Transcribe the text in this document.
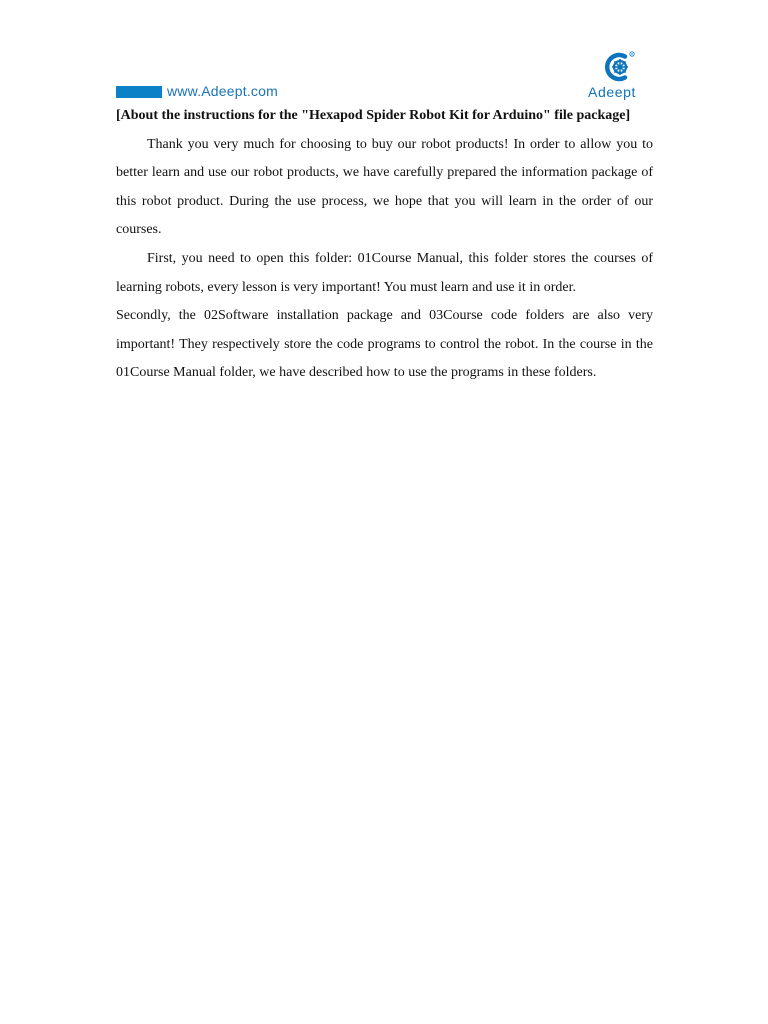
www.Adeept.com	Adeept

[About the instructions for the "Hexapod Spider Robot Kit for Arduino" file package]

Thank you very much for choosing to buy our robot products! In order to allow you to better learn and use our robot products, we have carefully prepared the information package of this robot product. During the use process, we hope that you will learn in the order of our courses.

First, you need to open this folder: 01Course Manual, this folder stores the courses of learning robots, every lesson is very important! You must learn and use it in order.

Secondly, the 02Software installation package and 03Course code folders are also very important! They respectively store the code programs to control the robot. In the course in the 01Course Manual folder, we have described how to use the programs in these folders.
